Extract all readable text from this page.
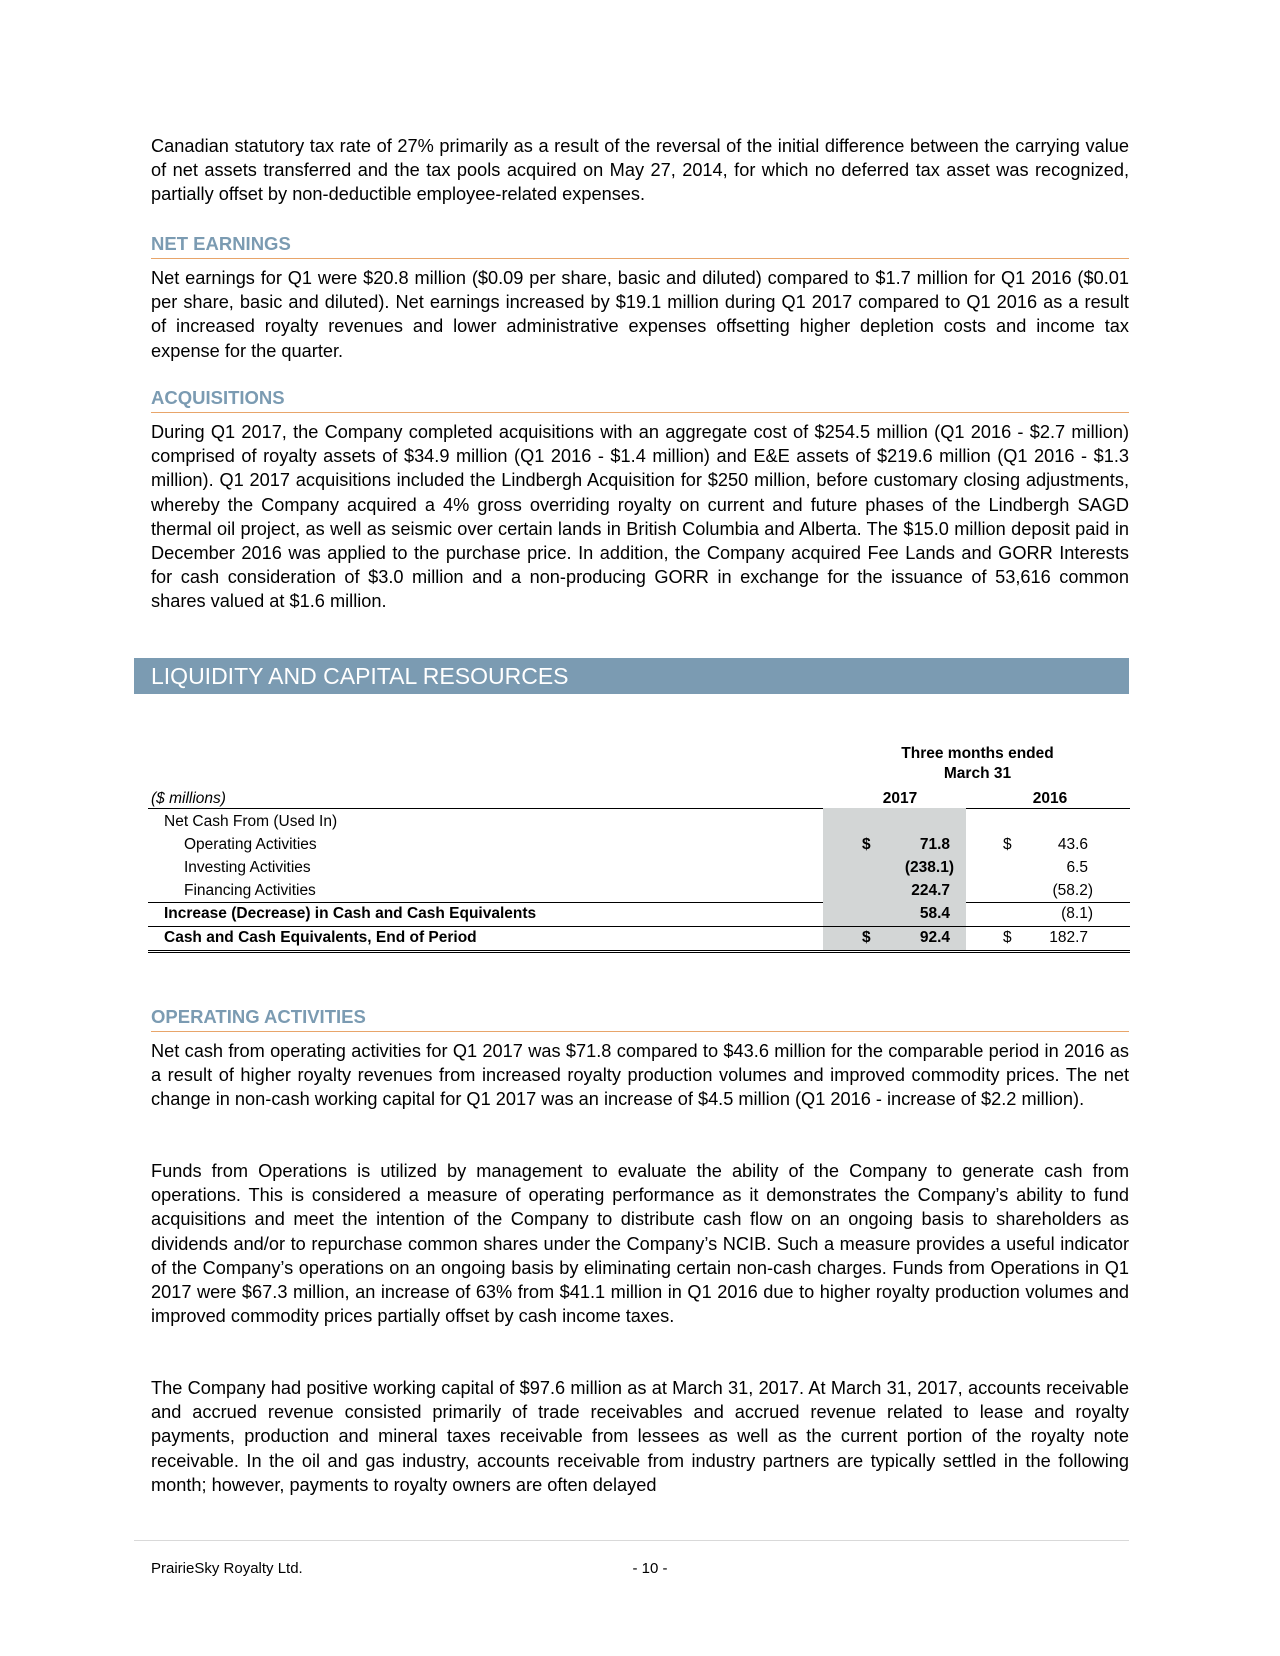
Canadian statutory tax rate of 27% primarily as a result of the reversal of the initial difference between the carrying value of net assets transferred and the tax pools acquired on May 27, 2014, for which no deferred tax asset was recognized, partially offset by non-deductible employee-related expenses.

NET EARNINGS

Net earnings for Q1 were $20.8 million ($0.09 per share, basic and diluted) compared to $1.7 million for Q1 2016 ($0.01 per share, basic and diluted). Net earnings increased by $19.1 million during Q1 2017 compared to Q1 2016 as a result of increased royalty revenues and lower administrative expenses offsetting higher depletion costs and income tax expense for the quarter.

ACQUISITIONS

During Q1 2017, the Company completed acquisitions with an aggregate cost of $254.5 million (Q1 2016 - $2.7 million) comprised of royalty assets of $34.9 million (Q1 2016 - $1.4 million) and E&E assets of $219.6 million (Q1 2016 - $1.3 million). Q1 2017 acquisitions included the Lindbergh Acquisition for $250 million, before customary closing adjustments, whereby the Company acquired a 4% gross overriding royalty on current and future phases of the Lindbergh SAGD thermal oil project, as well as seismic over certain lands in British Columbia and Alberta. The $15.0 million deposit paid in December 2016 was applied to the purchase price. In addition, the Company acquired Fee Lands and GORR Interests for cash consideration of $3.0 million and a non-producing GORR in exchange for the issuance of 53,616 common shares valued at $1.6 million.

LIQUIDITY AND CAPITAL RESOURCES
Three months ended
March 31
($ millions)	2017	2016
Net Cash From (Used In)
Operating Activities	$	71.8	$	43.6
Investing Activities	(238.1)	6.5
Financing Activities	224.7	(58.2)
Increase (Decrease) in Cash and Cash Equivalents	58.4	(8.1)
Cash and Cash Equivalents, End of Period	$	92.4	$	182.7
OPERATING ACTIVITIES

Net cash from operating activities for Q1 2017 was $71.8 compared to $43.6 million for the comparable period in 2016 as a result of higher royalty revenues from increased royalty production volumes and improved commodity prices. The net change in non-cash working capital for Q1 2017 was an increase of $4.5 million (Q1 2016 - increase of $2.2 million).

Funds from Operations is utilized by management to evaluate the ability of the Company to generate cash from operations. This is considered a measure of operating performance as it demonstrates the Company’s ability to fund acquisitions and meet the intention of the Company to distribute cash flow on an ongoing basis to shareholders as dividends and/or to repurchase common shares under the Company’s NCIB. Such a measure provides a useful indicator of the Company’s operations on an ongoing basis by eliminating certain non-cash charges. Funds from Operations in Q1 2017 were $67.3 million, an increase of 63% from $41.1 million in Q1 2016 due to higher royalty production volumes and improved commodity prices partially offset by cash income taxes.

The Company had positive working capital of $97.6 million as at March 31, 2017. At March 31, 2017, accounts receivable and accrued revenue consisted primarily of trade receivables and accrued revenue related to lease and royalty payments, production and mineral taxes receivable from lessees as well as the current portion of the royalty note receivable. In the oil and gas industry, accounts receivable from industry partners are typically settled in the following month; however, payments to royalty owners are often delayed

PrairieSky Royalty Ltd.	- 10 -
